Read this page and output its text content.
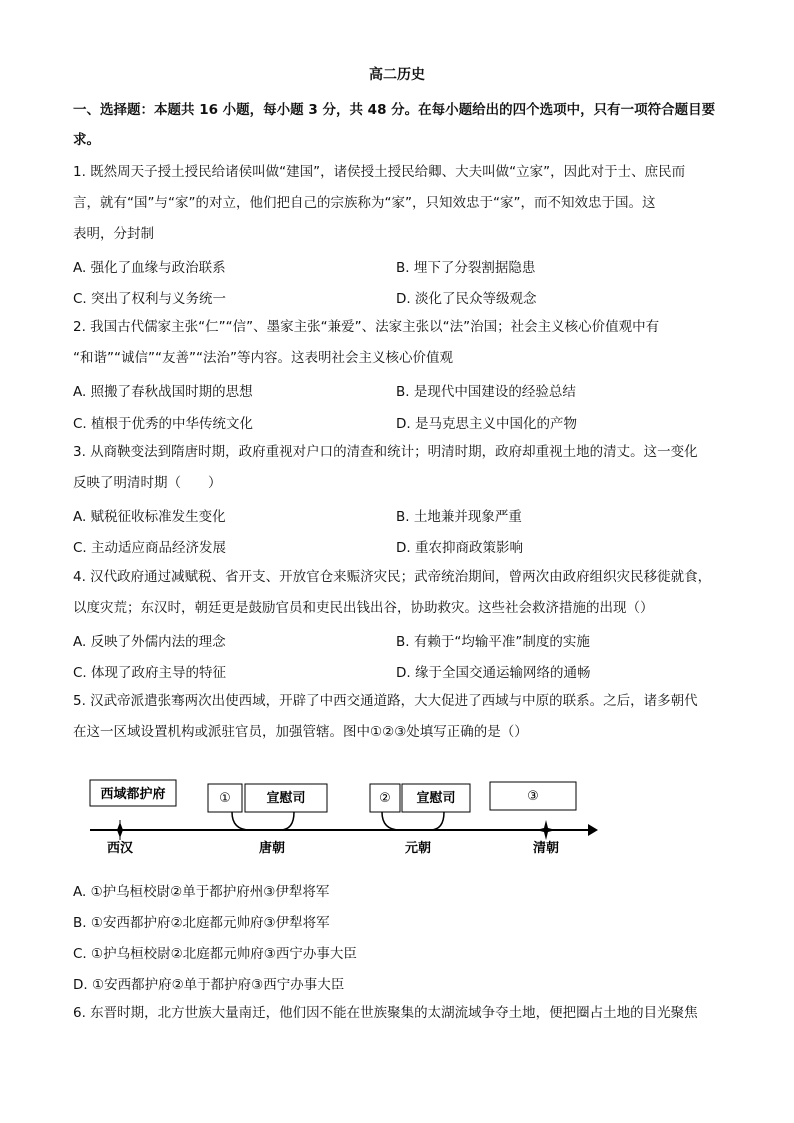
高二历史
一、选择题：本题共 16 小题，每小题 3 分，共 48 分。在每小题给出的四个选项中，只有一项符合题目要
求。
1. 既然周天子授土授民给诸侯叫做“建国”，诸侯授土授民给卿、大夫叫做“立家”，因此对于士、庶民而
言，就有“国”与“家”的对立，他们把自己的宗族称为“家”，只知效忠于“家”，而不知效忠于国。这
表明，分封制
A. 强化了血缘与政治联系	B. 埋下了分裂割据隐患
C. 突出了权利与义务统一	D. 淡化了民众等级观念
2. 我国古代儒家主张“仁”“信”、墨家主张“兼爱”、法家主张以“法”治国；社会主义核心价值观中有
“和谐”“诚信”“友善”“法治”等内容。这表明社会主义核心价值观
A. 照搬了春秋战国时期的思想	B. 是现代中国建设的经验总结
C. 植根于优秀的中华传统文化	D. 是马克思主义中国化的产物
3. 从商鞅变法到隋唐时期，政府重视对户口的清查和统计；明清时期，政府却重视土地的清丈。这一变化
反映了明清时期（　　）
A. 赋税征收标准发生变化	B. 土地兼并现象严重
C. 主动适应商品经济发展	D. 重农抑商政策影响
4. 汉代政府通过减赋税、省开支、开放官仓来赈济灾民；武帝统治期间，曾两次由政府组织灾民移徙就食，
以度灾荒；东汉时，朝廷更是鼓励官员和吏民出钱出谷，协助救灾。这些社会救济措施的出现（）
A. 反映了外儒内法的理念	B. 有赖于“均输平准”制度的实施
C. 体现了政府主导的特征	D. 缘于全国交通运输网络的通畅
5. 汉武帝派遣张骞两次出使西域，开辟了中西交通道路，大大促进了西域与中原的联系。之后，诸多朝代
在这一区域设置机构或派驻官员，加强管辖。图中①②③处填写正确的是（）
西域都护府	①	宣慰司	② 宣慰司	③
西汉	唐朝	元朝	清朝
A. ①护乌桓校尉②单于都护府州③伊犁将军
B. ①安西都护府②北庭都元帅府③伊犁将军
C. ①护乌桓校尉②北庭都元帅府③西宁办事大臣
D. ①安西都护府②单于都护府③西宁办事大臣
6. 东晋时期，北方世族大量南迁，他们因不能在世族聚集的太湖流域争夺土地，便把圈占土地的目光聚焦
